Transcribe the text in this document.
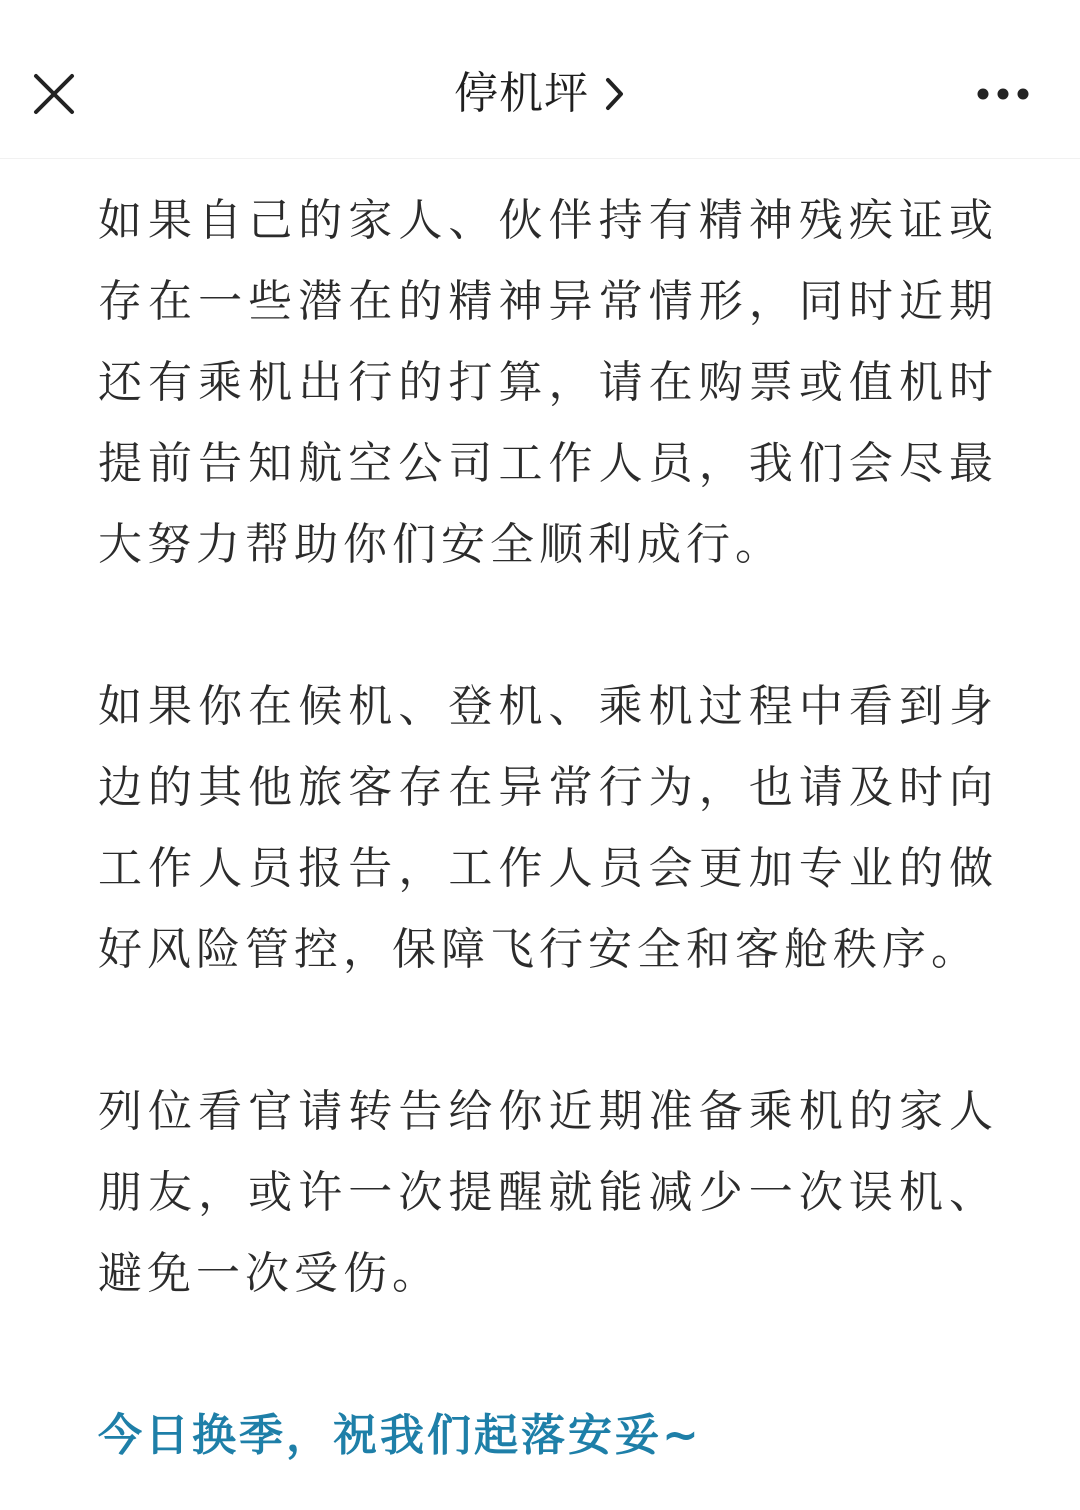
停机坪

如果自己的家人、伙伴持有精神残疾证或存在一些潜在的精神异常情形，同时近期还有乘机出行的打算，请在购票或值机时提前告知航空公司工作人员，我们会尽最大努力帮助你们安全顺利成行。

如果你在候机、登机、乘机过程中看到身边的其他旅客存在异常行为，也请及时向工作人员报告，工作人员会更加专业的做好风险管控，保障飞行安全和客舱秩序。

列位看官请转告给你近期准备乘机的家人朋友，或许一次提醒就能减少一次误机、避免一次受伤。

今日换季，祝我们起落安妥~
